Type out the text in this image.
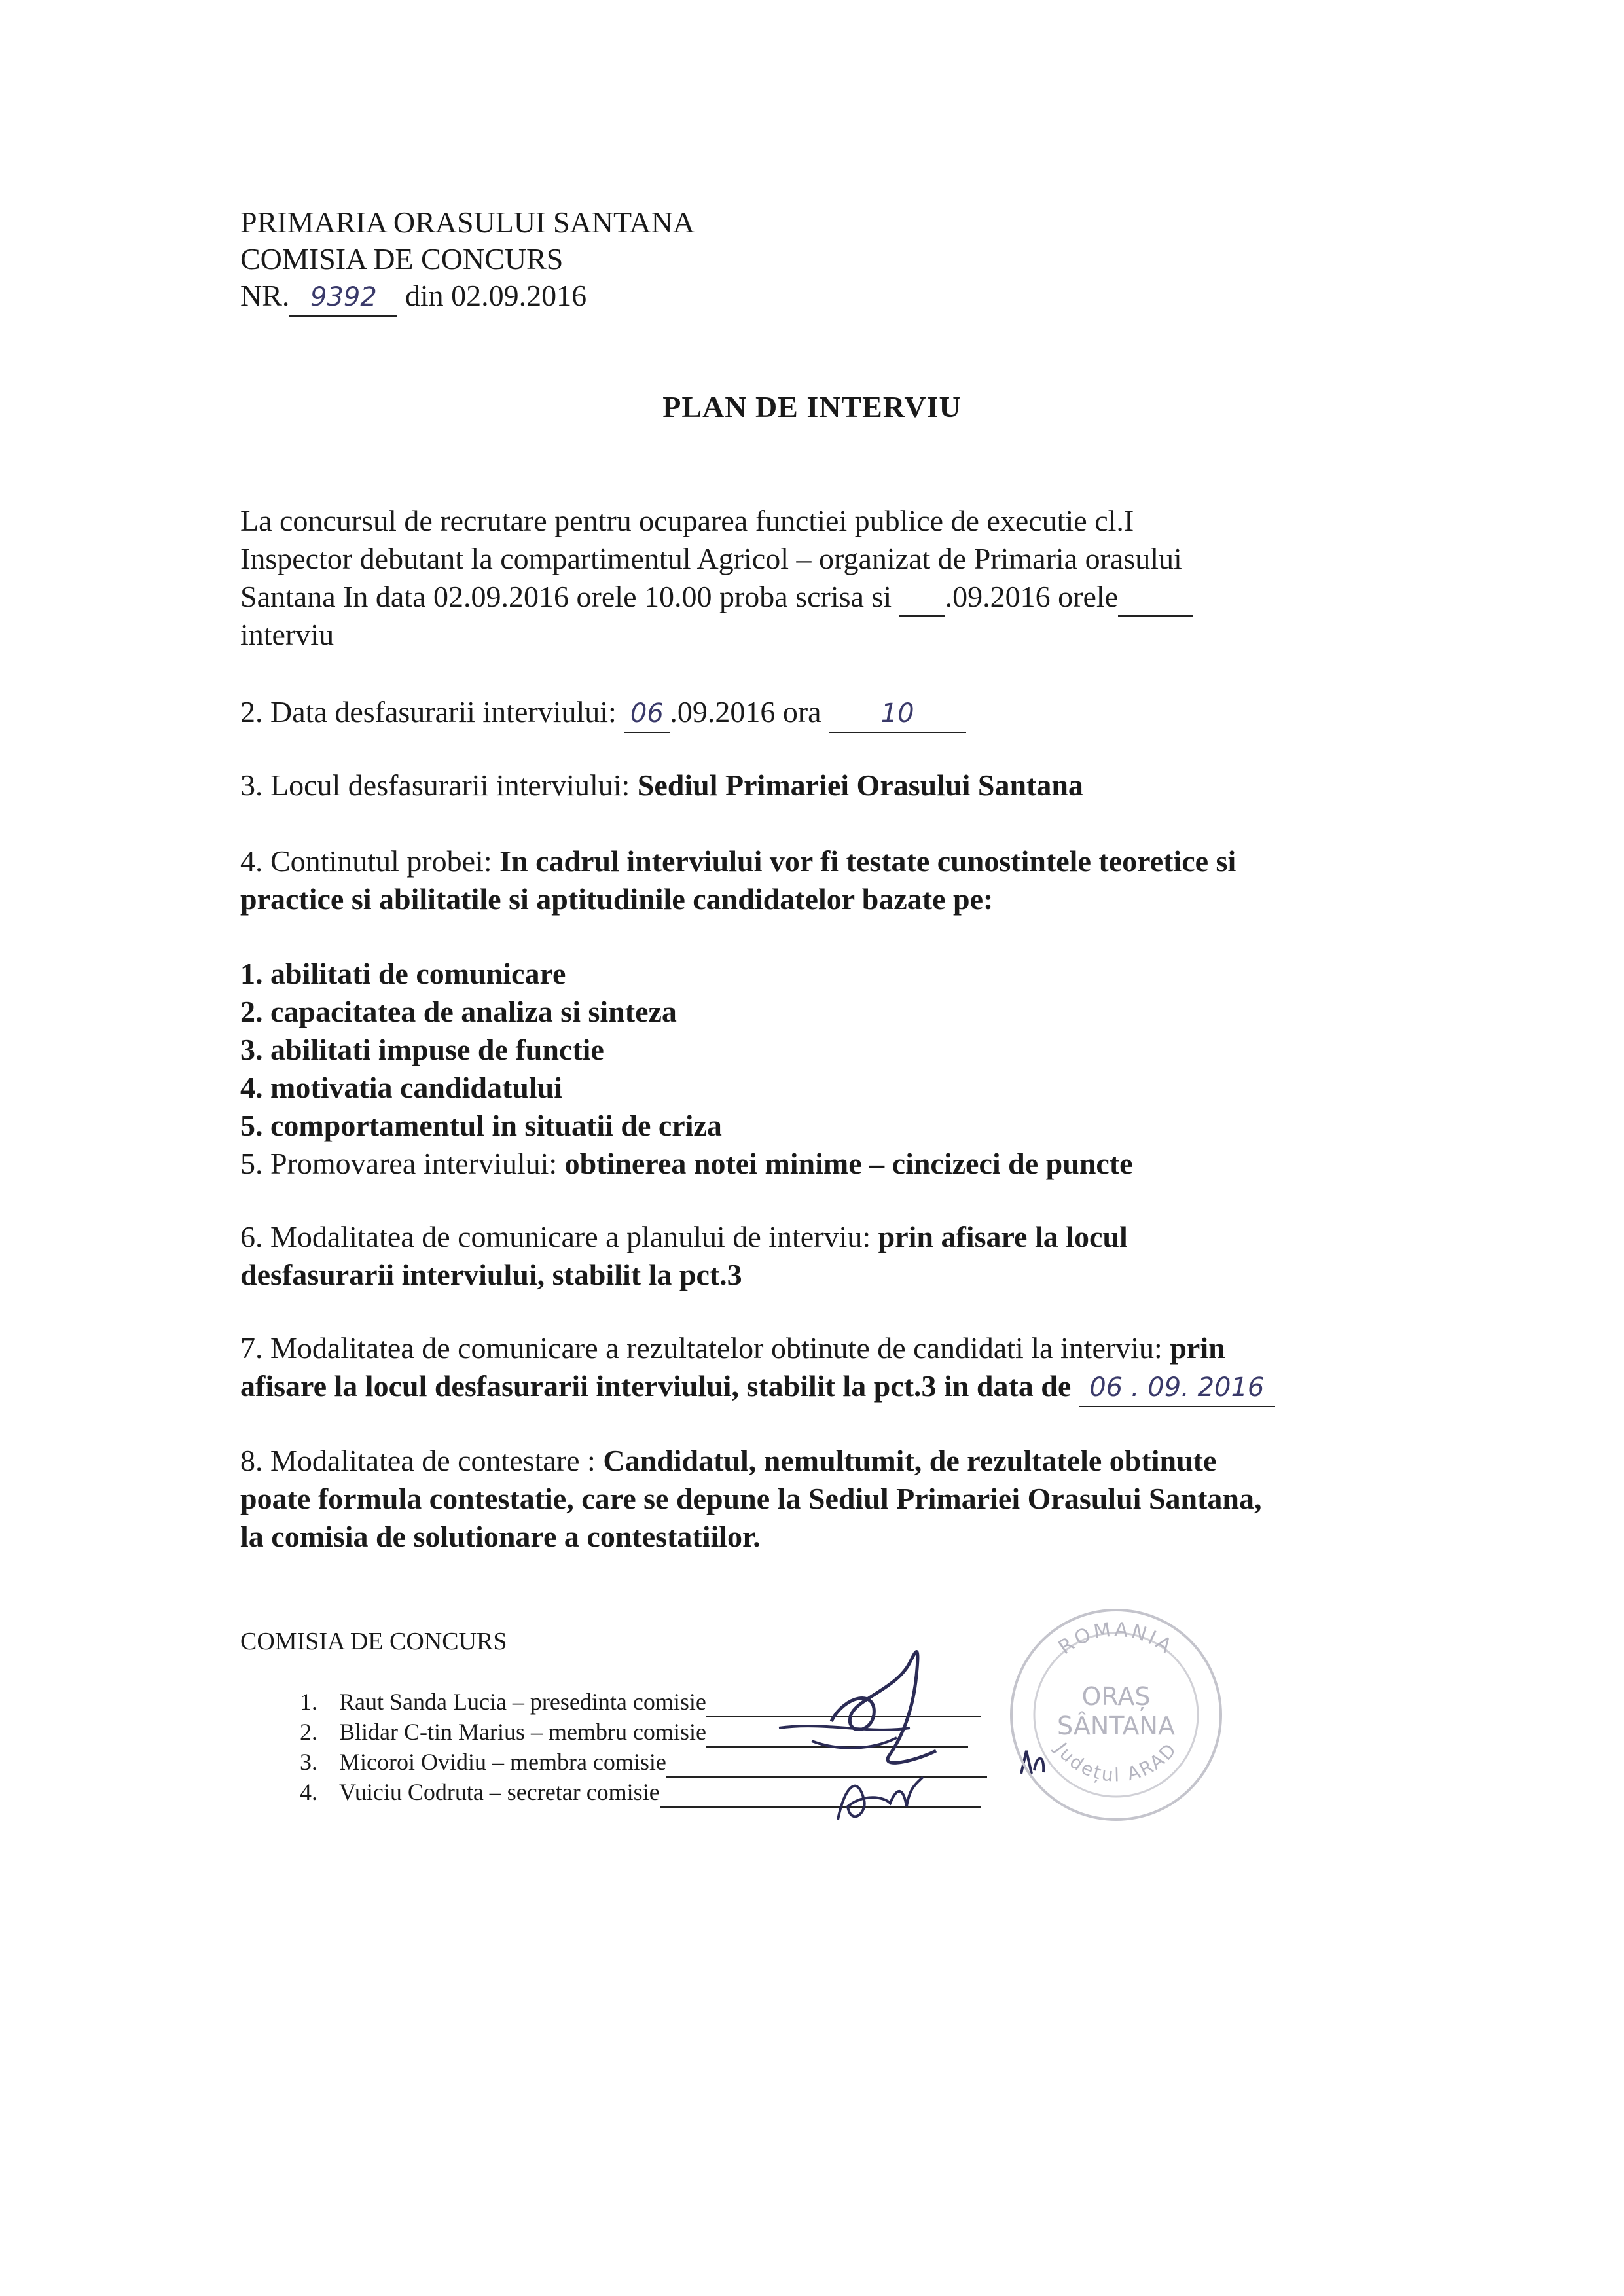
PRIMARIA ORASULUI SANTANA
COMISIA DE CONCURS
NR. 9392 din 02.09.2016
PLAN DE INTERVIU
La concursul de recrutare pentru ocuparea functiei publice de executie cl.I
Inspector debutant la compartimentul Agricol – organizat de Primaria orasului
Santana In data 02.09.2016 orele 10.00 proba scrisa si  .09.2016 orele
interviu
2. Data desfasurarii interviului: 06 .09.2016 ora 10
3. Locul desfasurarii interviului: Sediul Primariei Orasului Santana
4. Continutul probei: In cadrul interviului vor fi testate cunostintele teoretice si
practice si abilitatile si aptitudinile candidatelor bazate pe:
1. abilitati de comunicare
2. capacitatea de analiza si sinteza
3. abilitati impuse de functie
4. motivatia candidatului
5. comportamentul in situatii de criza
5. Promovarea interviului: obtinerea notei minime – cincizeci de puncte
6. Modalitatea de comunicare a planului de interviu: prin afisare la locul
desfasurarii interviului, stabilit la pct.3
7. Modalitatea de comunicare a rezultatelor obtinute de candidati la interviu: prin
afisare la locul desfasurarii interviului, stabilit la pct.3 in data de 06 . 09. 2016
8. Modalitatea de contestare : Candidatul, nemultumit, de rezultatele obtinute
poate formula contestatie, care se depune la Sediul Primariei Orasului Santana,
la comisia de solutionare a contestatiilor.
COMISIA DE CONCURS
1. Raut Sanda Lucia – presedinta comisie
2. Blidar C-tin Marius – membru comisie
3. Micoroi Ovidiu – membra comisie
4. Vuiciu Codruta – secretar comisie
ROMANIA
ORAȘ
SÂNTANA
Județul ARAD
